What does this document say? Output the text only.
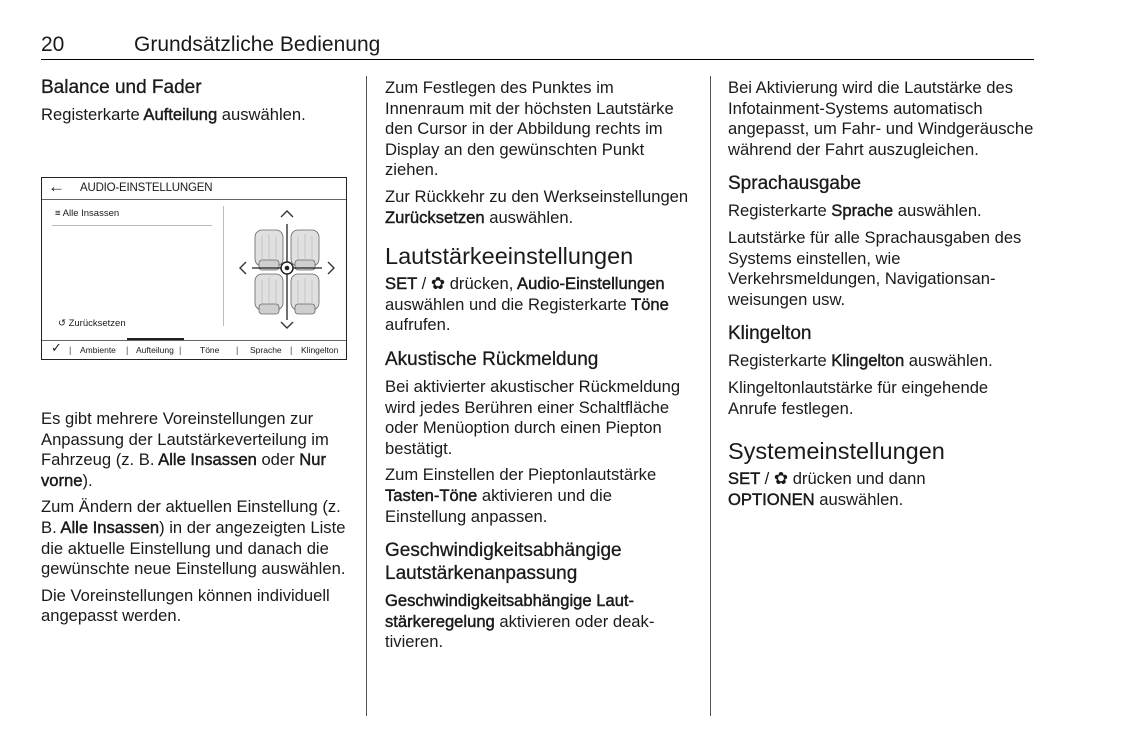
20	Grundsätzliche Bedienung
Balance und Fader

Registerkarte Aufteilung auswählen.

← AUDIO-EINSTELLUNGEN
≡ Alle Insassen
↺ Zurücksetzen
✓ | Ambiente | Aufteilung | Töne | Sprache | Klingelton

Es gibt mehrere Voreinstellungen zur Anpassung der Lautstärkeverteilung im Fahrzeug (z. B. Alle Insassen oder Nur vorne).

Zum Ändern der aktuellen Einstellung (z. B. Alle Insassen) in der angezeigten Liste die aktuelle Einstellung und danach die gewünschte neue Einstellung auswählen.

Die Voreinstellungen können individuell angepasst werden.

Zum Festlegen des Punktes im Innenraum mit der höchsten Lautstärke den Cursor in der Abbildung rechts im Display an den gewünschten Punkt ziehen.

Zur Rückkehr zu den Werkseinstellungen Zurücksetzen auswählen.

Lautstärkeeinstellungen

SET / ✿ drücken, Audio-Einstellungen auswählen und die Registerkarte Töne aufrufen.

Akustische Rückmeldung

Bei aktivierter akustischer Rückmeldung wird jedes Berühren einer Schaltfläche oder Menüoption durch einen Piepton bestätigt.

Zum Einstellen der Pieptonlautstärke Tasten-Töne aktivieren und die Einstellung anpassen.

Geschwindigkeitsabhängige Lautstärkenanpassung

Geschwindigkeitsabhängige Lautstärkeregelung aktivieren oder deaktivieren.

Bei Aktivierung wird die Lautstärke des Infotainment-Systems automatisch angepasst, um Fahr- und Windgeräusche während der Fahrt auszugleichen.

Sprachausgabe

Registerkarte Sprache auswählen.

Lautstärke für alle Sprachausgaben des Systems einstellen, wie Verkehrsmeldungen, Navigationsanweisungen usw.

Klingelton

Registerkarte Klingelton auswählen.

Klingeltonlautstärke für eingehende Anrufe festlegen.

Systemeinstellungen

SET / ✿ drücken und dann
OPTIONEN auswählen.
